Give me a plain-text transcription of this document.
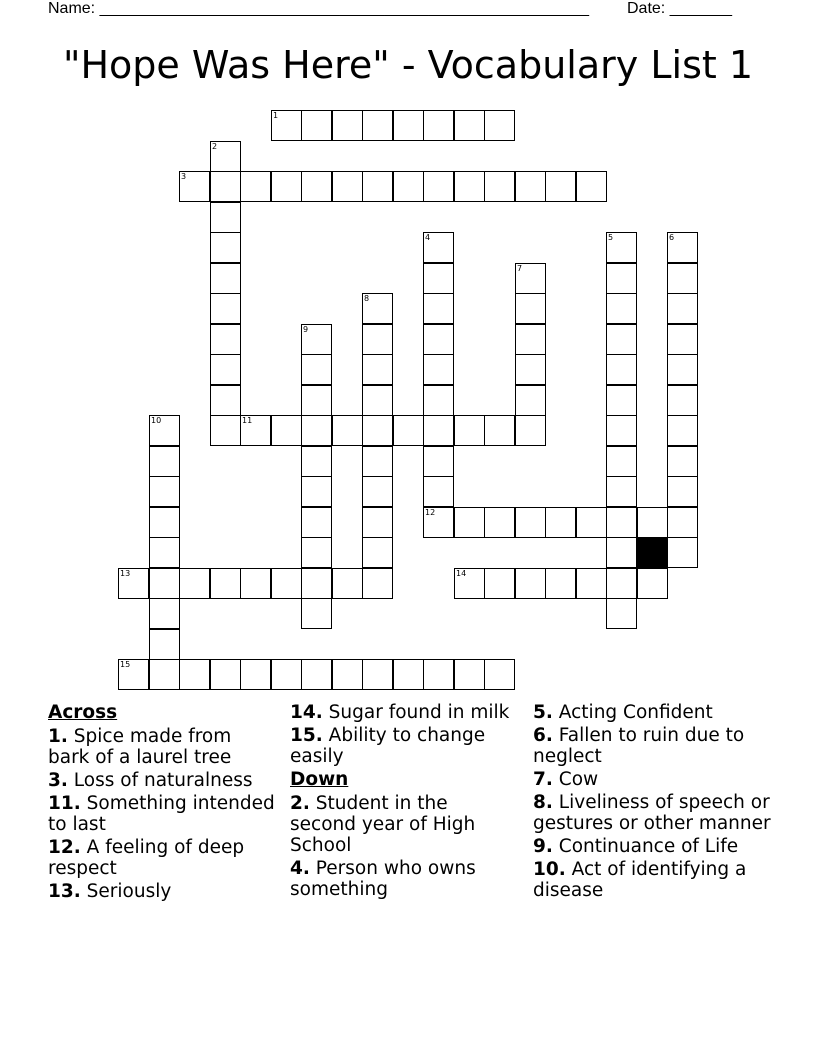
Name: _______________________________________________________ Date: _______
"Hope Was Here" - Vocabulary List 1
1
2
3
4
12
5	6
7
8
9
10	11
13	14
15
Across
1. Spice made from bark of a laurel tree
3. Loss of naturalness
11. Something intended to last
12. A feeling of deep respect
13. Seriously
14. Sugar found in milk
15. Ability to change easily
Down
2. Student in the second year of High School
4. Person who owns something
5. Acting Confident
6. Fallen to ruin due to neglect
7. Cow
8. Liveliness of speech or gestures or other manner
9. Continuance of Life
10. Act of identifying a disease
